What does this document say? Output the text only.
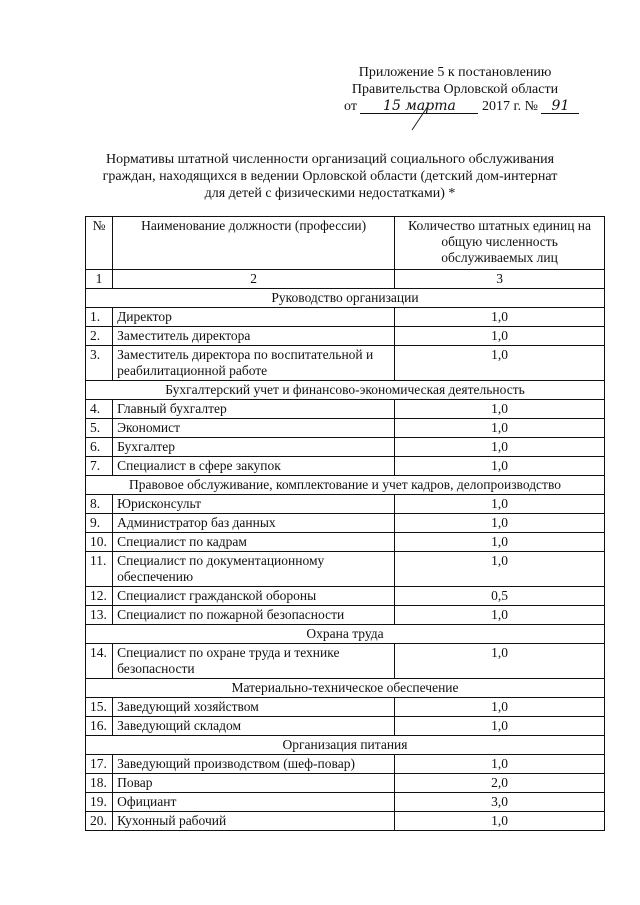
Приложение 5 к постановлению
Правительства Орловской области
от 15 марта 2017 г. № 91
Нормативы штатной численности организаций социального обслуживания
граждан, находящихся в ведении Орловской области (детский дом-интернат
для детей с физическими недостатками) *
№	Наименование должности (профессии)	Количество штатных единиц на общую численность обслуживаемых лиц
1	2	3
Руководство организации		
1.	Директор	1,0
2.	Заместитель директора	1,0
3.	Заместитель директора по воспитательной и реабилитационной работе	1,0
Бухгалтерский учет и финансово-экономическая деятельность		
4.	Главный бухгалтер	1,0
5.	Экономист	1,0
6.	Бухгалтер	1,0
7.	Специалист в сфере закупок	1,0
Правовое обслуживание, комплектование и учет кадров, делопроизводство		
8.	Юрисконсульт	1,0
9.	Администратор баз данных	1,0
10.	Специалист по кадрам	1,0
11.	Специалист по документационному обеспечению	1,0
12.	Специалист гражданской обороны	0,5
13.	Специалист по пожарной безопасности	1,0
Охрана труда		
14.	Специалист по охране труда и технике безопасности	1,0
Материально-техническое обеспечение		
15.	Заведующий хозяйством	1,0
16.	Заведующий складом	1,0
Организация питания		
17.	Заведующий производством (шеф-повар)	1,0
18.	Повар	2,0
19.	Официант	3,0
20.	Кухонный рабочий	1,0
